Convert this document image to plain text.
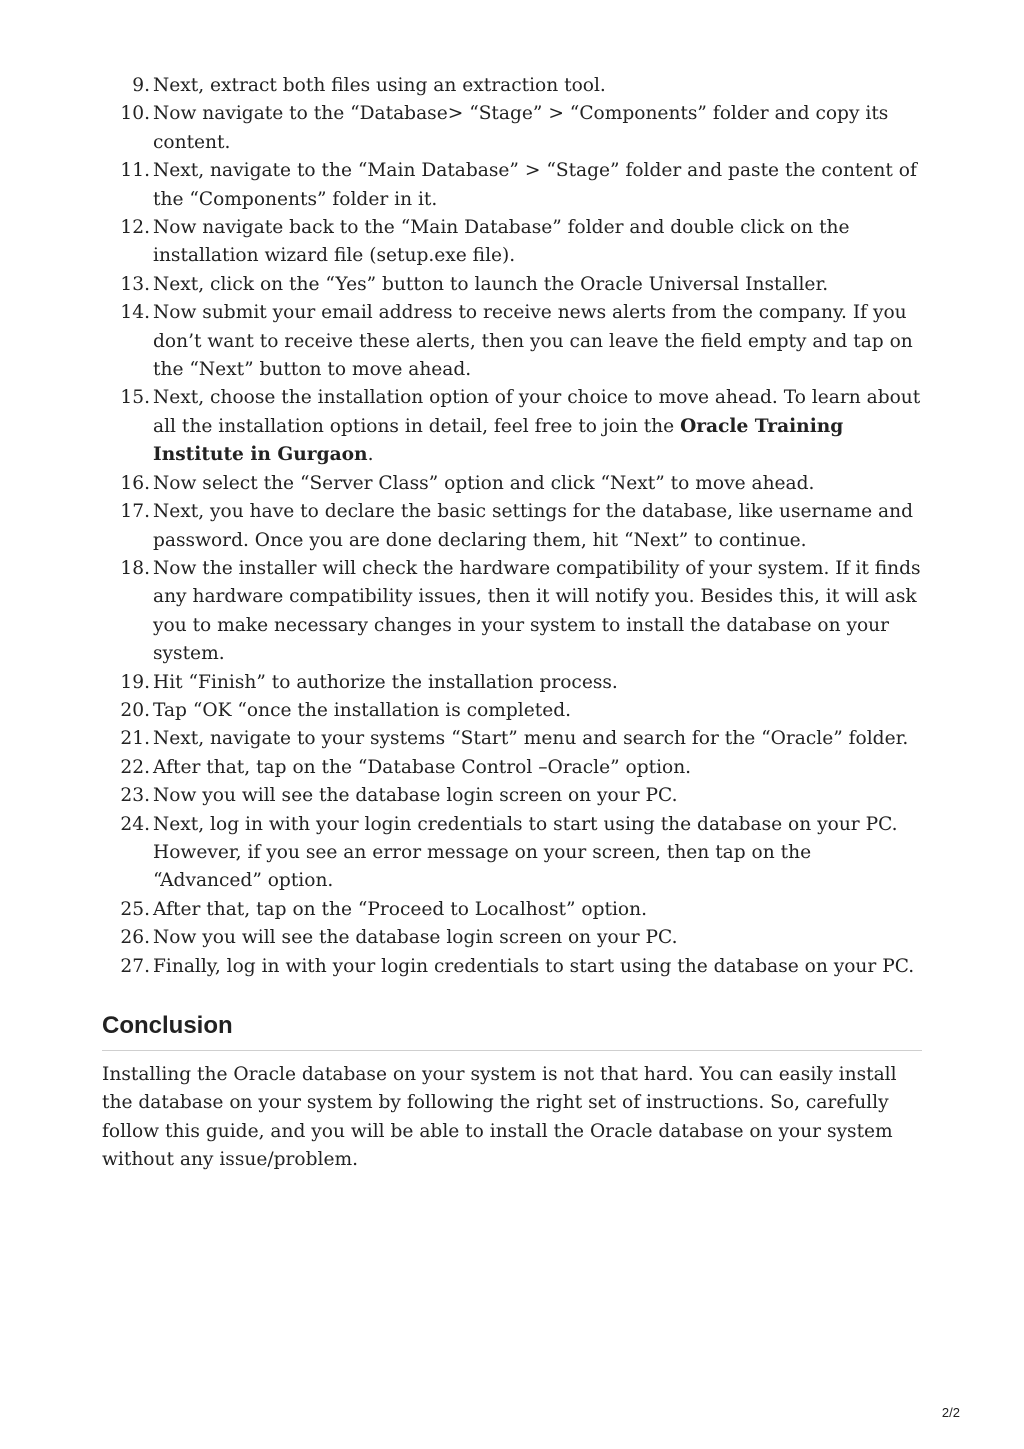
9. Next, extract both files using an extraction tool.
10. Now navigate to the “Database> “Stage” > “Components” folder and copy its content.
11. Next, navigate to the “Main Database” > “Stage” folder and paste the content of the “Components” folder in it.
12. Now navigate back to the “Main Database” folder and double click on the installation wizard file (setup.exe file).
13. Next, click on the “Yes” button to launch the Oracle Universal Installer.
14. Now submit your email address to receive news alerts from the company. If you don’t want to receive these alerts, then you can leave the field empty and tap on the “Next” button to move ahead.
15. Next, choose the installation option of your choice to move ahead. To learn about all the installation options in detail, feel free to join the Oracle Training Institute in Gurgaon.
16. Now select the “Server Class” option and click “Next” to move ahead.
17. Next, you have to declare the basic settings for the database, like username and password. Once you are done declaring them, hit “Next” to continue.
18. Now the installer will check the hardware compatibility of your system. If it finds any hardware compatibility issues, then it will notify you. Besides this, it will ask you to make necessary changes in your system to install the database on your system.
19. Hit “Finish” to authorize the installation process.
20. Tap “OK “once the installation is completed.
21. Next, navigate to your systems “Start” menu and search for the “Oracle” folder.
22. After that, tap on the “Database Control –Oracle” option.
23. Now you will see the database login screen on your PC.
24. Next, log in with your login credentials to start using the database on your PC. However, if you see an error message on your screen, then tap on the “Advanced” option.
25. After that, tap on the “Proceed to Localhost” option.
26. Now you will see the database login screen on your PC.
27. Finally, log in with your login credentials to start using the database on your PC.
Conclusion

Installing the Oracle database on your system is not that hard. You can easily install the database on your system by following the right set of instructions. So, carefully follow this guide, and you will be able to install the Oracle database on your system without any issue/problem.

2/2
